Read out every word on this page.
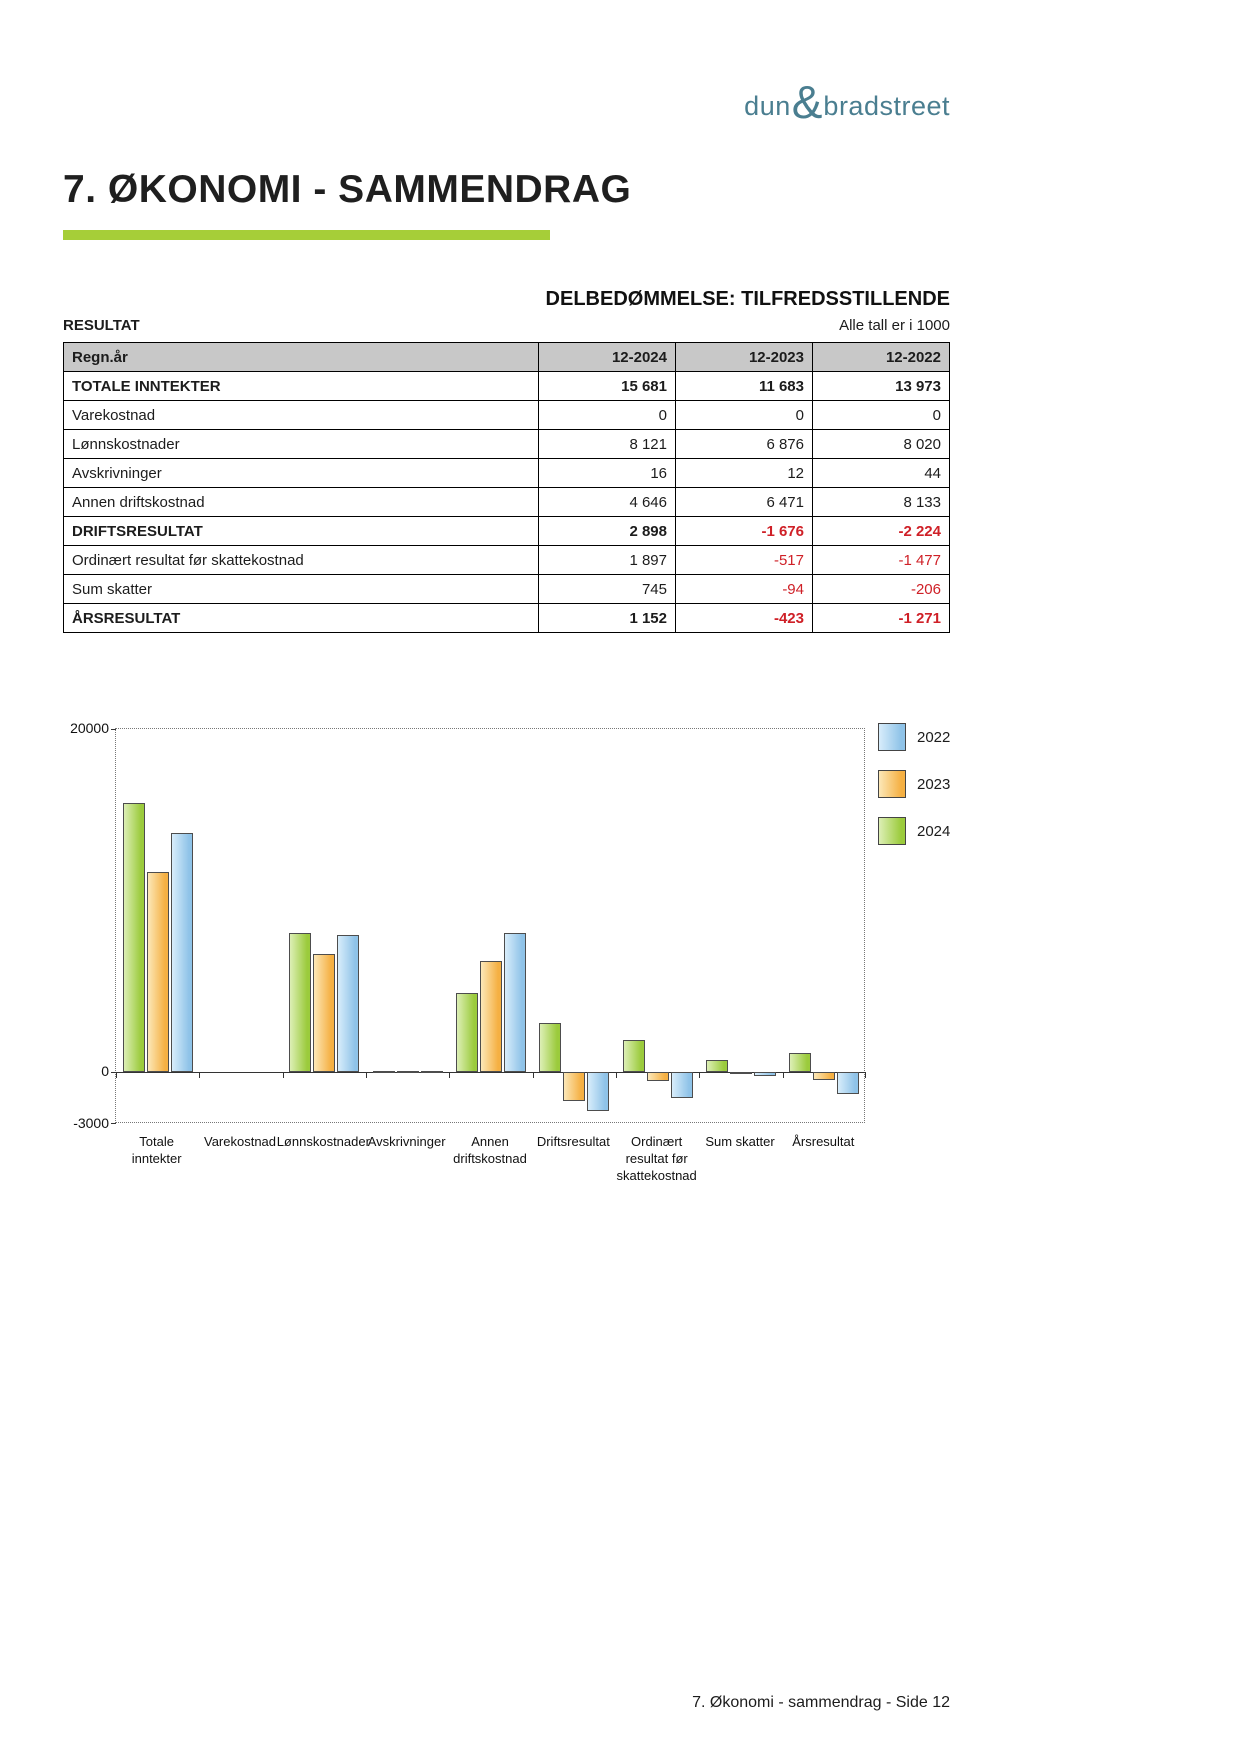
dun & bradstreet
7. ØKONOMI - SAMMENDRAG
DELBEDØMMELSE: TILFREDSSTILLENDE
RESULTAT	Alle tall er i 1000
Regn.år	12-2024	12-2023	12-2022
TOTALE INNTEKTER	15 681	11 683	13 973
Varekostnad	0	0	0
Lønnskostnader	8 121	6 876	8 020
Avskrivninger	16	12	44
Annen driftskostnad	4 646	6 471	8 133
DRIFTSRESULTAT	2 898	-1 676	-2 224
Ordinært resultat før skattekostnad	1 897	-517	-1 477
Sum skatter	745	-94	-206
ÅRSRESULTAT	1 152	-423	-1 271
20000
0
-3000
Totale
inntekter
Varekostnad Lønnskostnader
Avskrivninger	Annen
driftskostnad
Driftsresultat	Ordinært
resultat før
skattekostnad
Sum skatter	Årsresultat
2022
2023
2024
7. Økonomi - sammendrag - Side 12
